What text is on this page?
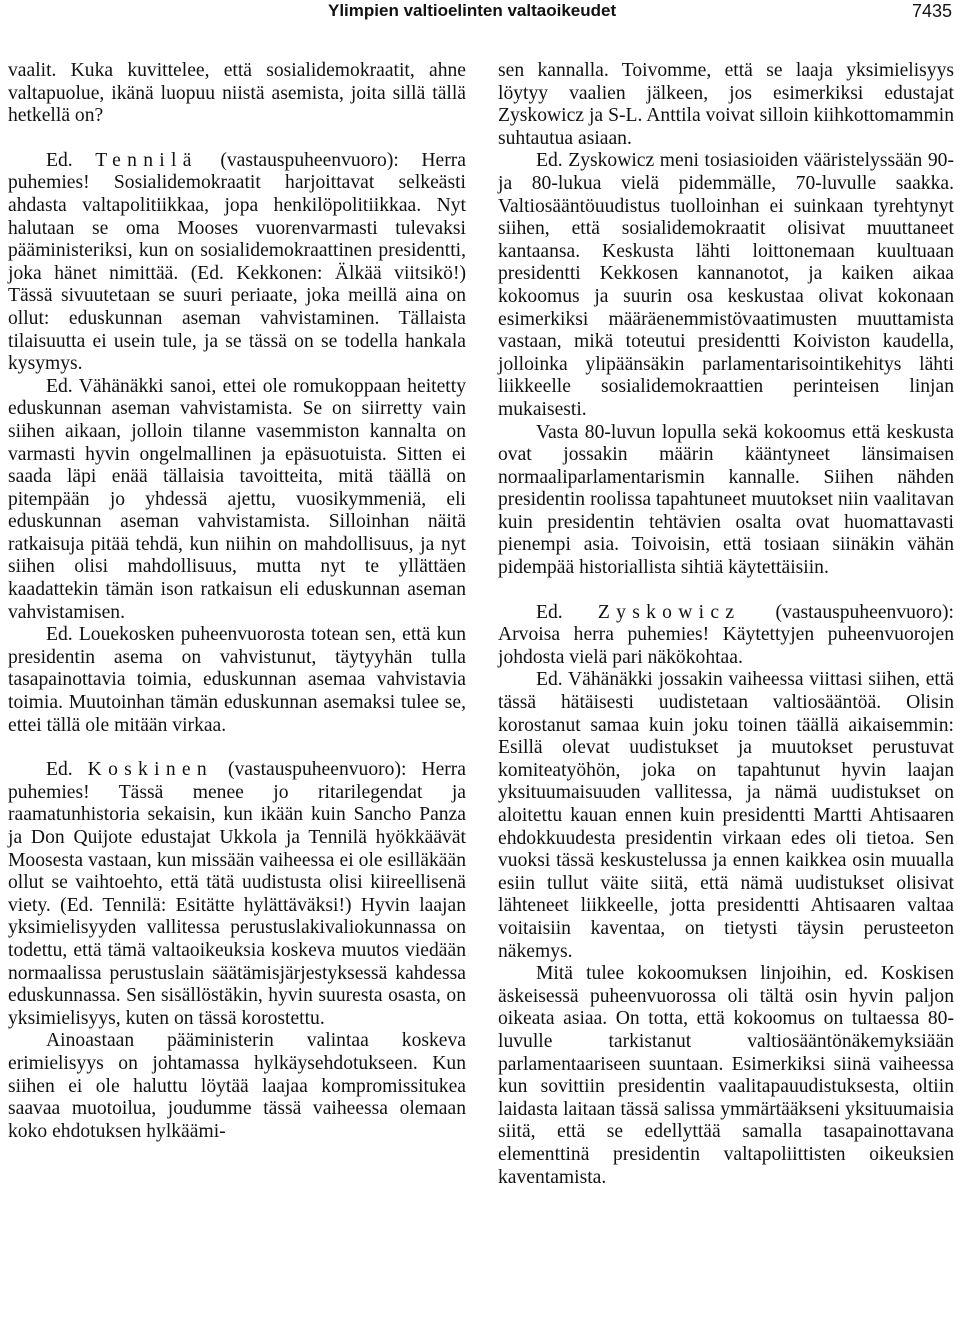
Ylimpien valtioelinten valtaoikeudet	7435

vaalit. Kuka kuvittelee, että sosialidemokraatit, ahne valtapuolue, ikänä luopuu niistä asemista, joita sillä tällä hetkellä on?

Ed. Tennilä (vastauspuheenvuoro): Herra puhemies! Sosialidemokraatit harjoittavat selkeästi ahdasta valtapolitiikkaa, jopa henkilöpolitiikkaa. Nyt halutaan se oma Mooses vuorenvarmasti tulevaksi pääministeriksi, kun on sosialidemokraattinen presidentti, joka hänet nimittää. (Ed. Kekkonen: Älkää viitsikö!) Tässä sivuutetaan se suuri periaate, joka meillä aina on ollut: eduskunnan aseman vahvistaminen. Tällaista tilaisuutta ei usein tule, ja se tässä on se todella hankala kysymys.

Ed. Vähänäkki sanoi, ettei ole romukoppaan heitetty eduskunnan aseman vahvistamista. Se on siirretty vain siihen aikaan, jolloin tilanne vasemmiston kannalta on varmasti hyvin ongelmallinen ja epäsuotuista. Sitten ei saada läpi enää tällaisia tavoitteita, mitä täällä on pitempään jo yhdessä ajettu, vuosikymmeniä, eli eduskunnan aseman vahvistamista. Silloinhan näitä ratkaisuja pitää tehdä, kun niihin on mahdollisuus, ja nyt siihen olisi mahdollisuus, mutta nyt te yllättäen kaadattekin tämän ison ratkaisun eli eduskunnan aseman vahvistamisen.

Ed. Louekosken puheenvuorosta totean sen, että kun presidentin asema on vahvistunut, täytyyhän tulla tasapainottavia toimia, eduskunnan asemaa vahvistavia toimia. Muutoinhan tämän eduskunnan asemaksi tulee se, ettei tällä ole mitään virkaa.

Ed. Koskinen (vastauspuheenvuoro): Herra puhemies! Tässä menee jo ritarilegendat ja raamatunhistoria sekaisin, kun ikään kuin Sancho Panza ja Don Quijote edustajat Ukkola ja Tennilä hyökkäävät Moosesta vastaan, kun missään vaiheessa ei ole esilläkään ollut se vaihtoehto, että tätä uudistusta olisi kiireellisenä viety. (Ed. Tennilä: Esitätte hylättäväksi!) Hyvin laajan yksimielisyyden vallitessa perustuslakivaliokunnassa on todettu, että tämä valtaoikeuksia koskeva muutos viedään normaalissa perustuslain säätämisjärjestyksessä kahdessa eduskunnassa. Sen sisällöstäkin, hyvin suuresta osasta, on yksimielisyys, kuten on tässä korostettu.

Ainoastaan pääministerin valintaa koskeva erimielisyys on johtamassa hylkäysehdotukseen. Kun siihen ei ole haluttu löytää laajaa kompromissitukea saavaa muotoilua, joudumme tässä vaiheessa olemaan koko ehdotuksen hylkäämi-

sen kannalla. Toivomme, että se laaja yksimielisyys löytyy vaalien jälkeen, jos esimerkiksi edustajat Zyskowicz ja S-L. Anttila voivat silloin kiihkottomammin suhtautua asiaan.

Ed. Zyskowicz meni tosiasioiden vääristelyssään 90- ja 80-lukua vielä pidemmälle, 70-luvulle saakka. Valtiosääntöuudistus tuolloinhan ei suinkaan tyrehtynyt siihen, että sosialidemokraatit olisivat muuttaneet kantaansa. Keskusta lähti loittonemaan kuultuaan presidentti Kekkosen kannanotot, ja kaiken aikaa kokoomus ja suurin osa keskustaa olivat kokonaan esimerkiksi määräenemmistövaatimusten muuttamista vastaan, mikä toteutui presidentti Koiviston kaudella, jolloinka ylipäänsäkin parlamentarisointikehitys lähti liikkeelle sosialidemokraattien perinteisen linjan mukaisesti.

Vasta 80-luvun lopulla sekä kokoomus että keskusta ovat jossakin määrin kääntyneet länsimaisen normaaliparlamentarismin kannalle. Siihen nähden presidentin roolissa tapahtuneet muutokset niin vaalitavan kuin presidentin tehtävien osalta ovat huomattavasti pienempi asia. Toivoisin, että tosiaan siinäkin vähän pidempää historiallista sihtiä käytettäisiin.

Ed. Zyskowicz (vastauspuheenvuoro): Arvoisa herra puhemies! Käytettyjen puheenvuorojen johdosta vielä pari näkökohtaa.

Ed. Vähänäkki jossakin vaiheessa viittasi siihen, että tässä hätäisesti uudistetaan valtiosääntöä. Olisin korostanut samaa kuin joku toinen täällä aikaisemmin: Esillä olevat uudistukset ja muutokset perustuvat komiteatyöhön, joka on tapahtunut hyvin laajan yksituumaisuuden vallitessa, ja nämä uudistukset on aloitettu kauan ennen kuin presidentti Martti Ahtisaaren ehdokkuudesta presidentin virkaan edes oli tietoa. Sen vuoksi tässä keskustelussa ja ennen kaikkea osin muualla esiin tullut väite siitä, että nämä uudistukset olisivat lähteneet liikkeelle, jotta presidentti Ahtisaaren valtaa voitaisiin kaventaa, on tietysti täysin perusteeton näkemys.

Mitä tulee kokoomuksen linjoihin, ed. Koskisen äskeisessä puheenvuorossa oli tältä osin hyvin paljon oikeata asiaa. On totta, että kokoomus on tultaessa 80-luvulle tarkistanut valtiosääntönäkemyksiään parlamentaariseen suuntaan. Esimerkiksi siinä vaiheessa kun sovittiin presidentin vaalitapauudistuksesta, oltiin laidasta laitaan tässä salissa ymmärtääkseni yksituumaisia siitä, että se edellyttää samalla tasapainottavana elementtinä presidentin valtapoliittisten oikeuksien kaventamista.
